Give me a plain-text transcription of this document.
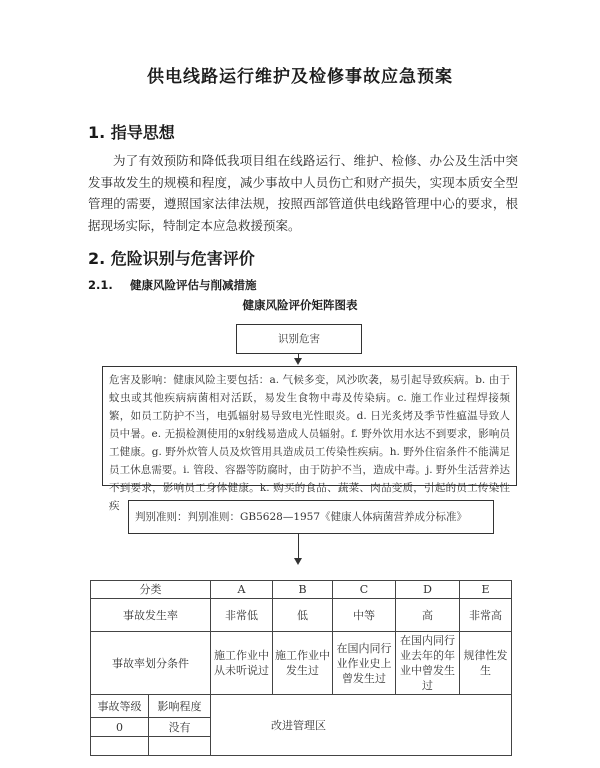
供电线路运行维护及检修事故应急预案
1. 指导思想
为了有效预防和降低我项目组在线路运行、维护、检修、办公及生活中突发事故发生的规模和程度，减少事故中人员伤亡和财产损失，实现本质安全型管理的需要，遵照国家法律法规，按照西部管道供电线路管理中心的要求，根据现场实际，特制定本应急救援预案。
2. 危险识别与危害评价
2.1. 健康风险评估与削减措施
健康风险评价矩阵图表
识别危害
危害及影响：健康风险主要包括：a. 气候多变，风沙吹袭，易引起导致疾病。b. 由于蚊虫或其他疾病病菌相对活跃，易发生食物中毒及传染病。c. 施工作业过程焊接频繁，如员工防护不当，电弧辐射易导致电光性眼炎。d. 日光炙烤及季节性瘟温导致人员中暑。e. 无损检测使用的x射线易造成人员辐射。f. 野外饮用水达不到要求，影响员工健康。g. 野外炊管人员及炊管用具造成员工传染性疾病。h. 野外住宿条件不能满足员工休息需要。i. 管段、容器等防腐时，由于防护不当，造成中毒。j. 野外生活营养达不到要求，影响员工身体健康。k. 购买的食品、蔬菜、肉品变质，引起的员工传染性疾
判别准则：判别准则：GB5628—1957《健康人体病菌营养成分标准》
分类		A	B	C	D	E
事故发生率		非常低	低	中等	高	非常高
事故率划分条件		施工作业中从未听说过	施工作业中发生过	在国内同行业作业史上曾发生过	在国内同行业去年的年业中曾发生过	规律性发生
事故等级	影响程度	改进管理区				
0	没有					
